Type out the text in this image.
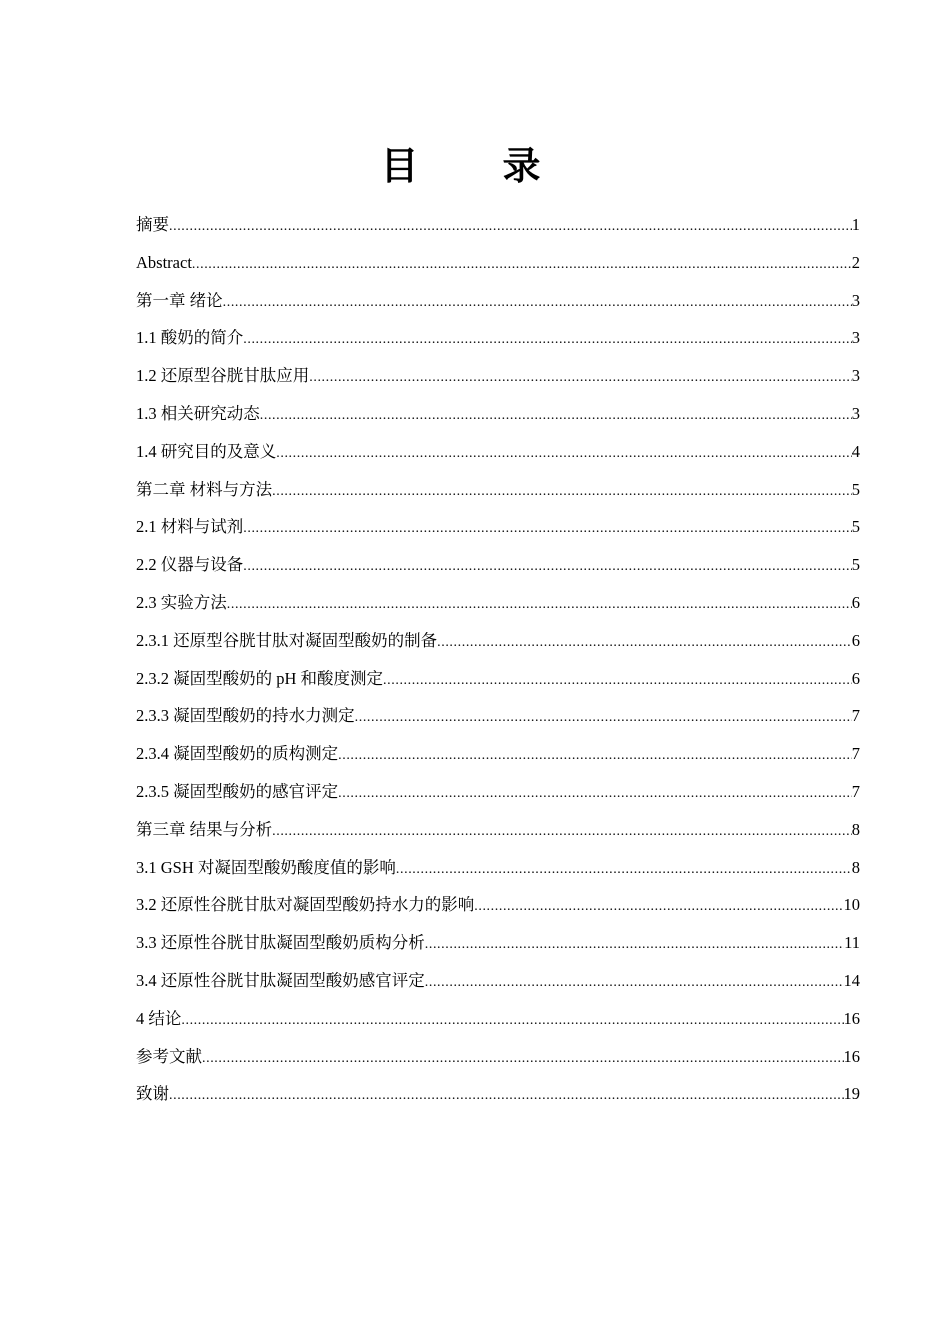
目录
摘要 .....	1
Abstract .....	2
第一章 绪论 .....	3
1.1 酸奶的简介 .....	3
1.2 还原型谷胱甘肽应用 .....	3
1.3 相关研究动态 .....	3
1.4 研究目的及意义 .....	4
第二章 材料与方法 .....	5
2.1 材料与试剂 .....	5
2.2 仪器与设备 .....	5
2.3 实验方法 .....	6
2.3.1 还原型谷胱甘肽对凝固型酸奶的制备 .....	6
2.3.2 凝固型酸奶的 pH 和酸度测定 .....	6
2.3.3 凝固型酸奶的持水力测定 .....	7
2.3.4 凝固型酸奶的质构测定 .....	7
2.3.5 凝固型酸奶的感官评定 .....	7
第三章 结果与分析 .....	8
3.1 GSH 对凝固型酸奶酸度值的影响 .....	8
3.2 还原性谷胱甘肽对凝固型酸奶持水力的影响 .....	10
3.3 还原性谷胱甘肽凝固型酸奶质构分析 .....	11
3.4 还原性谷胱甘肽凝固型酸奶感官评定 .....	14
4 结论 .....	16
参考文献 .....	16
致谢 .....	19
